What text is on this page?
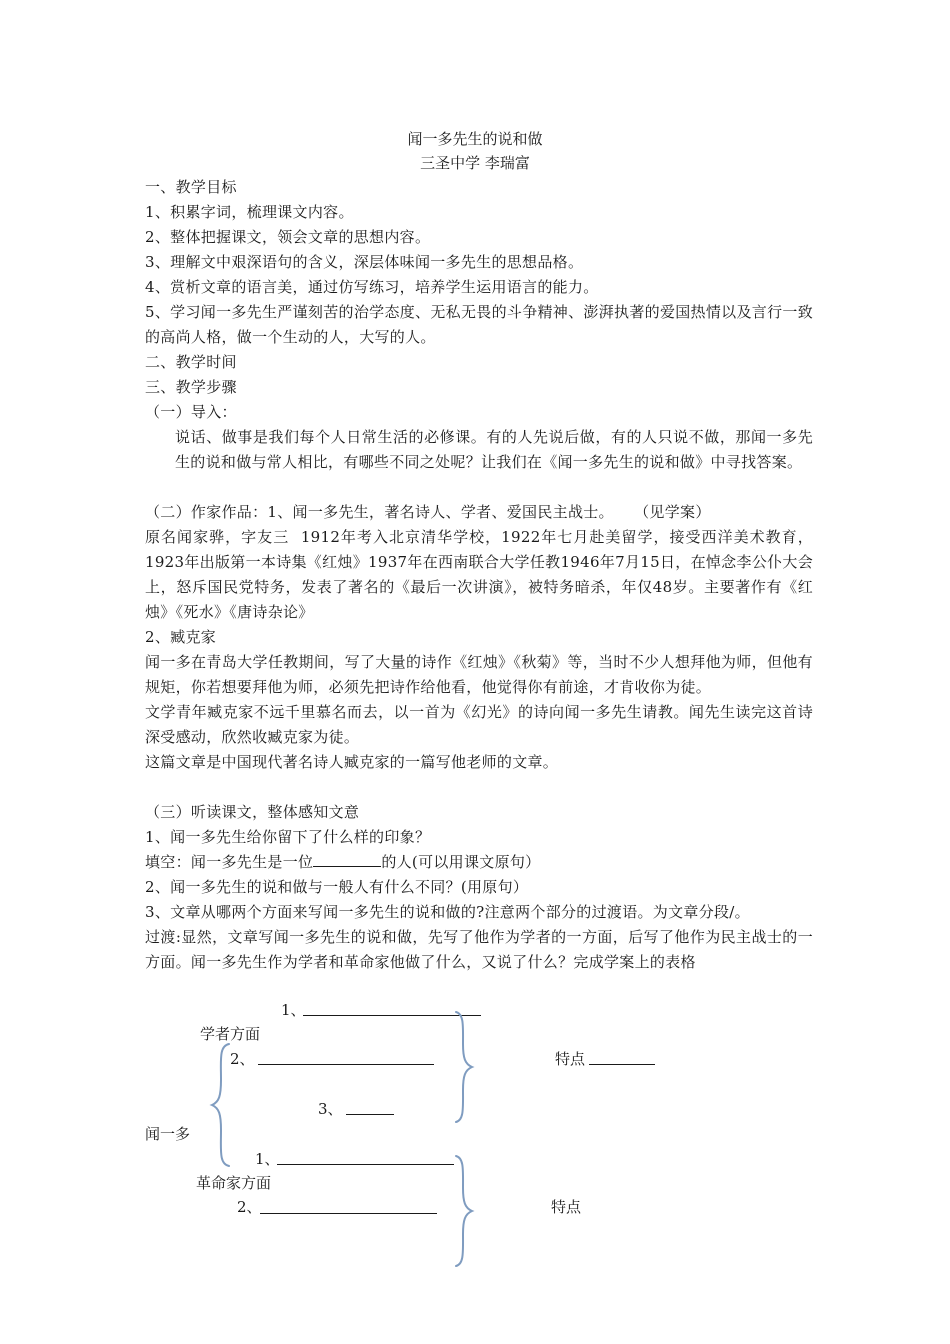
闻一多先生的说和做
三圣中学 李瑞富
一、教学目标
1、积累字词，梳理课文内容。
2、整体把握课文，领会文章的思想内容。
3、理解文中艰深语句的含义，深层体味闻一多先生的思想品格。
4、赏析文章的语言美，通过仿写练习，培养学生运用语言的能力。
5、学习闻一多先生严谨刻苦的治学态度、无私无畏的斗争精神、澎湃执著的爱国热情以及言行一致的高尚人格，做一个生动的人，大写的人。
二、教学时间
三、教学步骤
（一）导入：
说话、做事是我们每个人日常生活的必修课。有的人先说后做，有的人只说不做，那闻一多先生的说和做与常人相比，有哪些不同之处呢？让我们在《闻一多先生的说和做》中寻找答案。
（二）作家作品：1、闻一多先生，著名诗人、学者、爱国民主战士。    （见学案）
原名闻家骅，字友三  1912年考入北京清华学校，1922年七月赴美留学，接受西洋美术教育，1923年出版第一本诗集《红烛》1937年在西南联合大学任教1946年7月15日，在悼念李公仆大会上，怒斥国民党特务，发表了著名的《最后一次讲演》，被特务暗杀，年仅48岁。主要著作有《红烛》《死水》《唐诗杂论》
2、臧克家
闻一多在青岛大学任教期间，写了大量的诗作《红烛》《秋菊》等，当时不少人想拜他为师，但他有规矩，你若想要拜他为师，必须先把诗作给他看，他觉得你有前途，才肯收你为徒。
文学青年臧克家不远千里慕名而去，以一首为《幻光》的诗向闻一多先生请教。闻先生读完这首诗深受感动，欣然收臧克家为徒。
这篇文章是中国现代著名诗人臧克家的一篇写他老师的文章。
（三）听读课文，整体感知文意
1、闻一多先生给你留下了什么样的印象？
填空：闻一多先生是一位	的人(可以用课文原句）
2、闻一多先生的说和做与一般人有什么不同？(用原句）
3、文章从哪两个方面来写闻一多先生的说和做的?注意两个部分的过渡语。为文章分段/。
过渡:显然，文章写闻一多先生的说和做，先写了他作为学者的一方面，后写了他作为民主战士的一方面。闻一多先生作为学者和革命家他做了什么，又说了什么？完成学案上的表格
1、
学者方面
2、	特点
3、
闻一多
1、
革命家方面
2、	特点
